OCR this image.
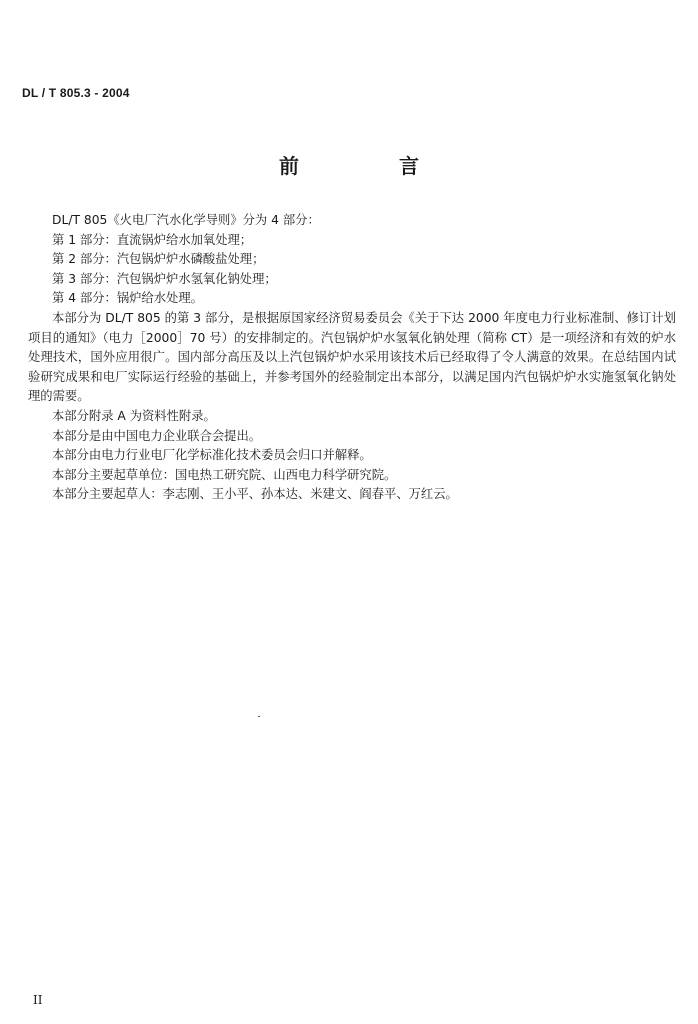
DL / T 805.3 - 2004
前　言

DL/T 805《火电厂汽水化学导则》分为 4 部分：

第 1 部分：直流锅炉给水加氧处理；

第 2 部分：汽包锅炉炉水磷酸盐处理；

第 3 部分：汽包锅炉炉水氢氧化钠处理；

第 4 部分：锅炉给水处理。

本部分为 DL/T 805 的第 3 部分，是根据原国家经济贸易委员会《关于下达 2000 年度电力行业标准制、修订计划项目的通知》（电力［2000］70 号）的安排制定的。汽包锅炉炉水氢氧化钠处理（简称 CT）是一项经济和有效的炉水处理技术，国外应用很广。国内部分高压及以上汽包锅炉炉水采用该技术后已经取得了令人满意的效果。在总结国内试验研究成果和电厂实际运行经验的基础上，并参考国外的经验制定出本部分，以满足国内汽包锅炉炉水实施氢氧化钠处理的需要。

本部分附录 A 为资料性附录。

本部分是由中国电力企业联合会提出。

本部分由电力行业电厂化学标准化技术委员会归口并解释。

本部分主要起草单位：国电热工研究院、山西电力科学研究院。

本部分主要起草人：李志刚、王小平、孙本达、米建文、阎春平、万红云。

II
